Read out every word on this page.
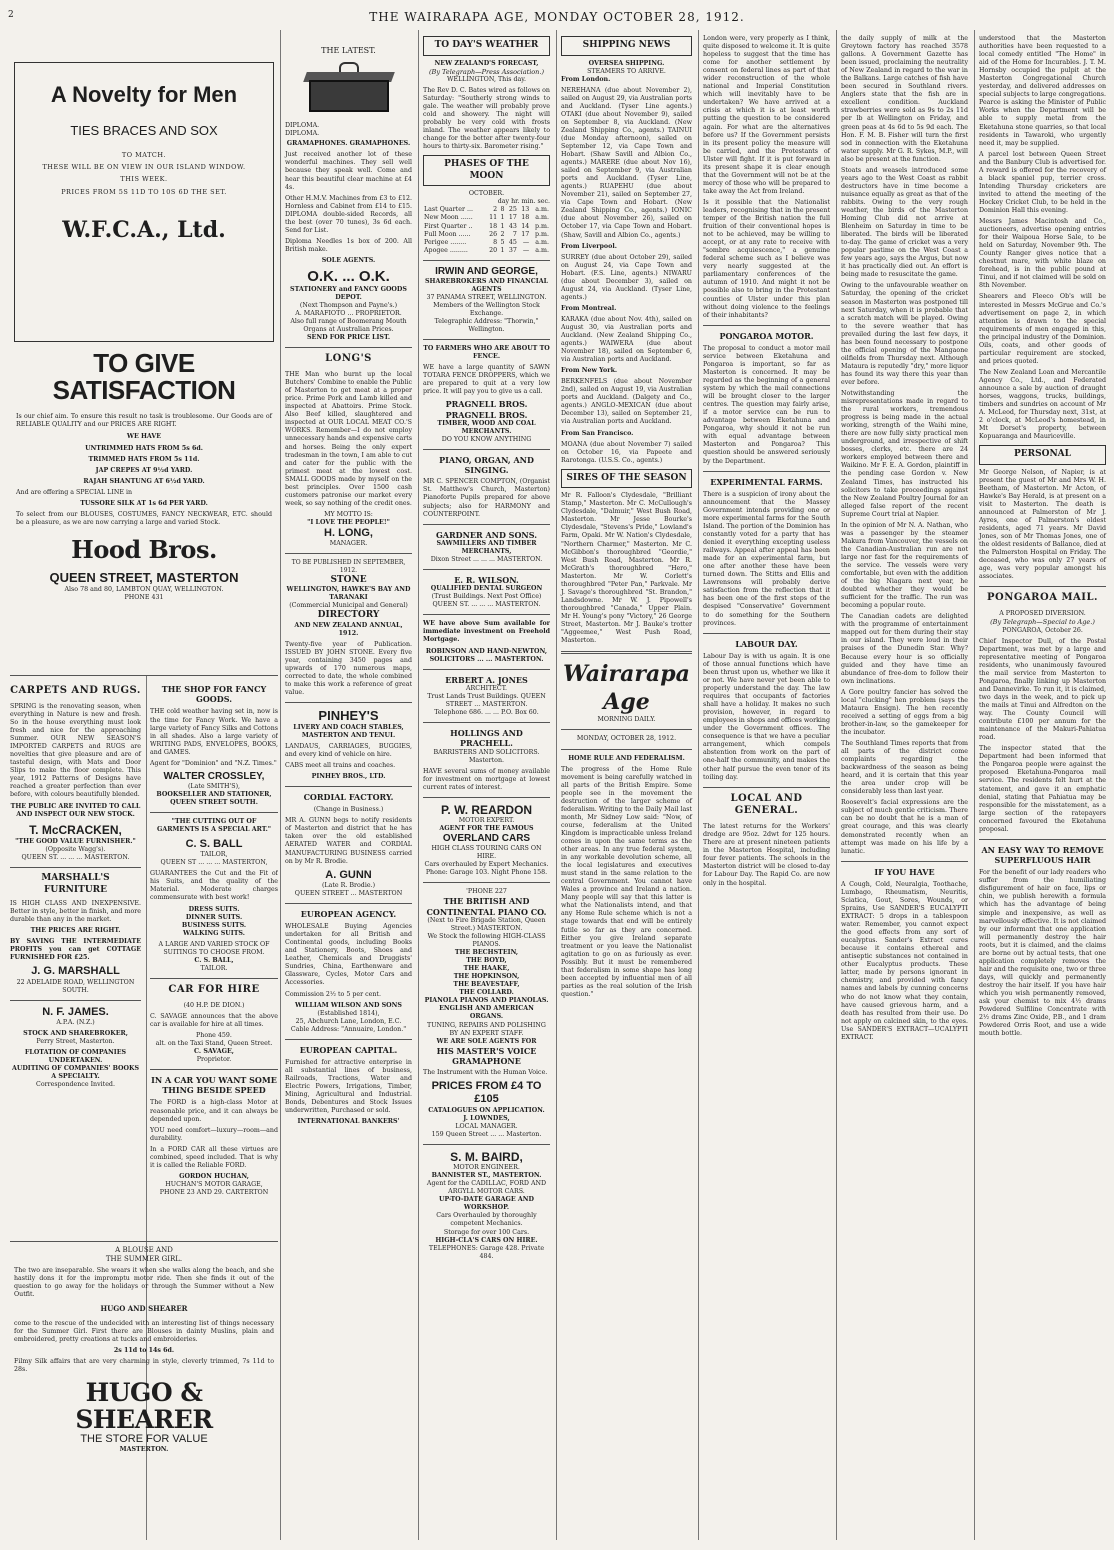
2	THE WAIRARAPA AGE, MONDAY OCTOBER 28, 1912.
A Novelty for Men
TIES BRACES AND SOX
TO MATCH.
THESE WILL BE ON VIEW IN OUR ISLAND WINDOW.
THIS WEEK.
PRICES FROM 5S 11D TO 10S 6D THE SET.
W.F.C.A., Ltd.
TO GIVE SATISFACTION
Is our chief aim. To ensure this result no task is troublesome. Our Goods are of RELIABLE QUALITY and our PRICES ARE RIGHT.
WE HAVE
UNTRIMMED HATS FROM 5s 6d.
TRIMMED HATS FROM 5s 11d.
JAP CREPES AT 9½d YARD.
RAJAH SHANTUNG AT 6½d YARD.
And are offering a SPECIAL LINE in
TUSSORE SILK AT 1s 6d PER YARD.
To select from our BLOUSES, COSTUMES, FANCY NECKWEAR, ETC. should be a pleasure, as we are now carrying a large and varied Stock.
Hood Bros.
QUEEN STREET, MASTERTON
Also 78 and 80, LAMBTON QUAY, WELLINGTON.
PHONE 431
CARPETS AND RUGS.
SPRING is the renovating season, when everything in Nature is new and fresh. So in the house everything must look fresh and nice for the approaching Summer. OUR NEW SEASON'S IMPORTED CARPETS and RUGS are novelties that give pleasure and are of tasteful design, with Mats and Door Slips to make the floor complete. This year, 1912 Patterns of Designs have reached a greater perfection than ever before, with colours beautifully blended.
THE PUBLIC ARE INVITED TO CALL AND INSPECT OUR NEW STOCK.
T. McCRACKEN,
"THE GOOD VALUE FURNISHER."
(Opposite Wagg's).
QUEEN ST. ... ... ... MASTERTON.
MARSHALL'S FURNITURE
IS HIGH CLASS AND INEXPENSIVE. Better in style, better in finish, and more durable than any in the market.
THE PRICES ARE RIGHT.
BY SAVING THE INTERMEDIATE PROFITS you can get COTTAGE FURNISHED FOR £25.
J. G. MARSHALL
22 ADELAIDE ROAD, WELLINGTON SOUTH.
N. F. JAMES.
A.P.A. (N.Z.)
STOCK AND SHAREBROKER,
Perry Street, Masterton.
FLOTATION OF COMPANIES UNDERTAKEN.
AUDITING OF COMPANIES' BOOKS A SPECIALTY.
Correspondence Invited.
THE SHOP FOR FANCY GOODS.
THE cold weather having set in, now is the time for Fancy Work. We have a large variety of Fancy Silks and Cottons in all shades. Also a large variety of WRITING PADS, ENVELOPES, BOOKS, and GAMES.
Agent for "Dominion" and "N.Z. Times."
WALTER CROSSLEY,
(Late SMITH'S),
BOOKSELLER AND STATIONER, QUEEN STREET SOUTH.
"THE CUTTING OUT OF GARMENTS IS A SPECIAL ART."
C. S. BALL
TAILOR,
QUEEN ST ... ... ... MASTERTON,
GUARANTEES the Cut and the Fit of his Suits, and the quality of the Material. Moderate charges commensurate with best work!
DRESS SUITS.
DINNER SUITS.
BUSINESS SUITS.
WALKING SUITS.
A LARGE AND VARIED STOCK OF SUITINGS TO CHOOSE FROM.
C. S. BALL,
TAILOR.
CAR FOR HIRE
(40 H.P. DE DION.)
C. SAVAGE announces that the above car is available for hire at all times.
Phone 459.
alt. on the Taxi Stand, Queen Street.
C. SAVAGE,
Proprietor.
IN A CAR YOU WANT SOME THING BESIDE SPEED
The FORD is a high-class Motor at reasonable price, and it can always be depended upon.
YOU need comfort—luxury—room—and durability.
In a FORD CAR all these virtues are combined, speed included. That is why it is called the Reliable FORD.
GORDON HUCHAN,
HUCHAN'S MOTOR GARAGE,
PHONE 23 AND 29. CARTERTON
A BLOUSE AND
THE SUMMER GIRL.
The two are inseparable. She wears it when she walks along the beach, and she hastily dons it for the impromptu motor ride. Then she finds it out of the question to go away for the holidays or through the Summer without a New Outfit.
HUGO AND SHEARER
come to the rescue of the undecided with an interesting list of things necessary for the Summer Girl. First there are Blouses in dainty Muslins, plain and embroidered, pretty creations at tucks and embroideries.
2s 11d to 14s 6d.
Filmy Silk affairs that are very charming in style, cleverly trimmed, 7s 11d to 28s.
HUGO & SHEARER
THE STORE FOR VALUE
MASTERTON.
THE LATEST.
DIPLOMA.
DIPLOMA.
GRAMAPHONES. GRAMAPHONES.
Just received another lot of these wonderful machines. They sell well because they speak well. Come and hear this beautiful clear machine at £4 4s.
Other H.M.V. Machines from £3 to £12. Hornless and Cabinet from £14 to £15. DIPLOMA double-sided Records, all the best (over 70 tunes), 3s 6d each. Send for List.
Diploma Needles 1s box of 200. All British make.
SOLE AGENTS.
O.K. ... O.K.
STATIONERY and FANCY GOODS DEPOT.
(Next Thompson and Payne's.)
A. MARAFIOTO ... PROPRIETOR.
Also full range of Boomerang Mouth Organs at Australian Prices.
SEND FOR PRICE LIST.
LONG'S
THE Man who burnt up the local Butchers' Combine to enable the Public of Masterton to get meat at a proper price. Prime Pork and Lamb killed and inspected at Abattoirs. Prime Stock. Also Beef killed, slaughtered and inspected at OUR LOCAL MEAT CO.'S WORKS. Remember—I do not employ unnecessary hands and expensive carts and horses. Being the only expert tradesman in the town, I am able to cut and cater for the public with the primest meat at the lowest cost. SMALL GOODS made by myself on the best principles. Over 1500 cash customers patronise our market every week, so say nothing of the credit ones.
MY MOTTO IS:
"I LOVE THE PEOPLE!"
H. LONG,
MANAGER.
TO BE PUBLISHED IN SEPTEMBER, 1912.
STONE
WELLINGTON, HAWKE'S BAY AND TARANAKI
(Commercial Municipal and General)
DIRECTORY
AND NEW ZEALAND ANNUAL, 1912.
Twenty-five year of Publication. ISSUED BY JOHN STONE. Every five year, containing 3450 pages and upwards of 170 numerous maps, corrected to date, the whole combined to make this work a reference of great value.
PINHEY'S
LIVERY AND COACH STABLES, MASTERTON AND TENUI.
LANDAUS, CARRIAGES, BUGGIES, and every kind of vehicle on hire.
CABS meet all trains and coaches.
PINHEY BROS., LTD.
CORDIAL FACTORY.
(Change in Business.)
MR A. GUNN begs to notify residents of Masterton and district that he has taken over the old established AERATED WATER and CORDIAL MANUFACTURING BUSINESS carried on by Mr R. Brodie.
A. GUNN
(Late R. Brodie.)
QUEEN STREET ... MASTERTON
EUROPEAN AGENCY.
WHOLESALE Buying Agencies undertaken for all British and Continental goods, including Books and Stationery, Boots, Shoes and Leather, Chemicals and Druggists' Sundries, China, Earthenware and Glassware, Cycles, Motor Cars and Accessories.
Commission 2½ to 5 per cent.
WILLIAM WILSON AND SONS
(Established 1814),
25, Abchurch Lane, London, E.C.
Cable Address: "Annuaire, London."
EUROPEAN CAPITAL.
Furnished for attractive enterprise in all substantial lines of business, Railroads, Tractions, Water and Electric Powers, Irrigations, Timber, Mining, Agricultural and Industrial. Bonds, Debentures and Stock Issues underwritten, Purchased or sold.
INTERNATIONAL BANKERS'
TO DAY'S WEATHER
NEW ZEALAND'S FORECAST,
(By Telegraph—Press Association.)
WELLINGTON, This day.
The Rev D. C. Bates wired as follows on Saturday: "Southerly strong winds to gale. The weather will probably prove cold and showery. The night will probably be very cold with frosts inland. The weather appears likely to change for the better after twenty-four hours to thirty-six. Barometer rising."
PHASES OF THE MOON
OCTOBER.
day hr. min. sec.
Last Quarter ...	2	8	25	13	a.m.
New Moon ......	11	1	17	18	a.m.
First Quarter ..	18	1	43	14	p.m.
Full Moon ......	26	2	7	17	p.m.
Perigee ........	8	5	45	—	a.m.
Apogee .........	20	1	37	—	a.m.
IRWIN AND GEORGE,
SHAREBROKERS AND FINANCIAL AGENTS
37 PANAMA STREET, WELLINGTON.
Members of the Wellington Stock Exchange.
Telegraphic Address: "Thorwin," Wellington.
TO FARMERS WHO ARE ABOUT TO FENCE.
WE have a large quantity of SAWN TOTARA FENCE DROPPERS, which we are prepared to quit at a very low price. It will pay you to give us a call.
PRAGNELL BROS. PRAGNELL BROS.
TIMBER, WOOD AND COAL MERCHANTS.
DO YOU KNOW ANYTHING
PIANO, ORGAN, AND SINGING.
MR C. SPENCER COMPTON, (Organist St. Matthew's Church, Masterton) Pianoforte Pupils prepared for above subjects; also for HARMONY and COUNTERPOINT.
GARDNER AND SONS.
SAWMILLERS AND TIMBER MERCHANTS,
Dixon Street ... ... ... MASTERTON.
E. R. WILSON.
QUALIFIED DENTAL SURGEON
(Trust Buildings. Next Post Office)
QUEEN ST. ... ... ... MASTERTON.
WE have above Sum available for immediate investment on Freehold Mortgage.
ROBINSON AND HAND-NEWTON, SOLICITORS ... ... MASTERTON.
ERBERT A. JONES
ARCHITECT.
Trust Lands Trust Buildings. QUEEN STREET ... MASTERTON.
Telephone 686. ... ... P.O. Box 60.
HOLLINGS AND PRACHELL.
BARRISTERS AND SOLICITORS. Masterton.
HAVE several sums of money available for investment on mortgage at lowest current rates of interest.
P. W. REARDON
MOTOR EXPERT.
AGENT FOR THE FAMOUS
OVERLAND CARS
HIGH CLASS TOURING CARS ON HIRE.
Cars overhauled by Expert Mechanics.
Phone: Garage 103. Night Phone 158.
'PHONE 227
THE BRITISH AND CONTINENTAL PIANO CO.
(Next to Fire Brigade Station, Queen Street.) MASTERTON.
We Stock the following HIGH-CLASS PIANOS.
THE BECHSTEIN,
THE BOYD,
THE HAAKE,
THE HOPKINSON,
THE BEAVESTAFF,
THE COLLARD.
PIANOLA PIANOS AND PIANOLAS.
ENGLISH AND AMERICAN ORGANS.
TUNING, REPAIRS AND POLISHING BY AN EXPERT STAFF.
WE ARE SOLE AGENTS FOR
HIS MASTER'S VOICE
GRAMAPHONE
The Instrument with the Human Voice.
PRICES FROM £4 TO £105
CATALOGUES ON APPLICATION.
J. LOWNDES,
LOCAL MANAGER.
159 Queen Street ... ... Masterton.
S. M. BAIRD,
MOTOR ENGINEER.
BANNISTER ST., MASTERTON.
Agent for the CADILLAC, FORD AND ARGYLL MOTOR CARS.
UP-TO-DATE GARAGE AND WORKSHOP.
Cars Overhauled by thoroughly competent Mechanics.
Storage for over 100 Cars.
HIGH-CLA'S CARS ON HIRE.
TELEPHONES: Garage 428. Private 484.
SHIPPING NEWS
OVERSEA SHIPPING.
STEAMERS TO ARRIVE.
From London.
NEREHANA (due about November 2), sailed on August 29, via Australian ports and Auckland. (Tyser Line agents.) OTAKI (due about November 9), sailed on September 8, via Auckland. (New Zealand Shipping Co., agents.) TAINUI (due Monday afternoon), sailed on September 12, via Cape Town and Hobart. (Shaw Savill and Albion Co., agents.) MARERE (due about Nov 16), sailed on September 9, via Australian ports and Auckland. (Tyser Line, agents.) RUAPEHU (due about November 21), sailed on September 27, via Cape Town and Hobart. (New Zealand Shipping Co., agents.) IONIC (due about November 26), sailed on October 17, via Cape Town and Hobart. (Shaw, Savill and Albion Co., agents.)
From Liverpool.
SURREY (due about October 29), sailed on August 24, via Cape Town and Hobart. (F.S. Line, agents.) NIWARU (due about December 3), sailed on August 24, via Auckland. (Tyser Line, agents.)
From Montreal.
KARAKA (due about Nov. 4th), sailed on August 30, via Australian ports and Auckland. (New Zealand Shipping Co., agents.) WAIWERA (due about November 18), sailed on September 6, via Australian ports and Auckland.
From New York.
BERKENFELS (due about November 2nd), sailed on August 19, via Australian ports and Auckland. (Dalgety and Co., agents.) ANGLO-MEXICAN (due about December 13), sailed on September 21, via Australian ports and Auckland.
From San Francisco.
MOANA (due about November 7) sailed on October 16, via Papeete and Rarotonga. (U.S.S. Co., agents.)
SIRES OF THE SEASON
Mr R. Falloon's Clydesdale, "Brilliant Stamp," Masterton. Mr C. McCullough's Clydesdale, "Dalmuir," West Bush Road, Masterton. Mr Jesse Bourke's Clydesdale, "Stevens's Pride," Lowland's Farm, Opaki. Mr W. Nation's Clydesdale, "Northern Charmer," Masterton. Mr C. McGibbon's thoroughbred "Geordie," West Bush Road, Masterton. Mr R. McGrath's thoroughbred "Hero," Masterton. Mr W. Corlett's thoroughbred "Peter Pan," Parkvale. Mr J. Savage's thoroughbred "St. Brandon," Landsdowne. Mr W. J. Pipowell's thoroughbred "Canada," Upper Plain. Mr H. Young's pony "Victory," 26 George Street, Masterton. Mr J. Bauke's trotter "Aggeemee," West Push Road, Masterton.
Wairarapa Age
MORNING DAILY.
MONDAY, OCTOBER 28, 1912.
HOME RULE AND FEDERALISM.
The progress of the Home Rule movement is being carefully watched in all parts of the British Empire. Some people see in the movement the destruction of the larger scheme of federalism. Writing to the Daily Mail last month, Mr Sidney Low said: "Now, of course, federalism at the United Kingdom is impracticable unless Ireland comes in upon the same terms as the other areas. In any true federal system, in any workable devolution scheme, all the local legislatures and executives must stand in the same relation to the central Government. You cannot have Wales a province and Ireland a nation. Many people will say that this latter is what the Nationalists intend, and that any Home Rule scheme which is not a stage towards that end will be entirely futile so far as they are concerned. Either you give Ireland separate treatment or you leave the Nationalist agitation to go on as furiously as ever. Possibly. But it must be remembered that federalism in some shape has long been accepted by influential men of all parties as the real solution of the Irish question."
London were, very properly as I think, quite disposed to welcome it. It is quite hopeless to suggest that the time has come for another settlement by consent on federal lines as part of that wider reconstruction of the whole national and Imperial Constitution which will inevitably have to be undertaken? We have arrived at a crisis at which it is at least worth putting the question to be considered again. For what are the alternatives before us? If the Government persists in its present policy the measure will be carried, and the Protestants of Ulster will fight. If it is put forward in its present shape it is clear enough that the Government will not be at the mercy of those who will be prepared to take away the Act from Ireland.
Is it possible that the Nationalist leaders, recognising that in the present temper of the British nation the full fruition of their conventional hopes is not to be achieved, may be willing to accept, or at any rate to receive with "sombre acquiescence," a genuine federal scheme such as I believe was very nearly suggested at the parliamentary conferences of the autumn of 1910. And might it not be possible also to bring in the Protestant counties of Ulster under this plan without doing violence to the feelings of their inhabitants?
PONGAROA MOTOR.
The proposal to conduct a motor mail service between Eketahuna and Pongaroa is important, so far as Masterton is concerned. It may be regarded as the beginning of a general system by which the mail connections will be brought closer to the larger centres. The question may fairly arise, if a motor service can be run to advantage between Eketahuna and Pongaroa, why should it not be run with equal advantage between Masterton and Pongaroa? This question should be answered seriously by the Department.
EXPERIMENTAL FARMS.
There is a suspicion of irony about the announcement that the Massey Government intends providing one or more experimental farms for the South Island. The portion of the Dominion has constantly voted for a party that has denied it everything excepting useless railways. Appeal after appeal has been made for an experimental farm, but one after another these have been turned down. The Stitts and Ellis and Lawrensons will probably derive satisfaction from the reflection that it has been one of the first steps of the despised "Conservative" Government to do something for the Southern provinces.
LABOUR DAY.
Labour Day is with us again. It is one of those annual functions which have been thrust upon us, whether we like it or not. We have never yet been able to properly understand the day. The law requires that occupants of factories shall have a holiday. It makes no such provision, however, in regard to employees in shops and offices working under the Government offices. The consequence is that we have a peculiar arrangement, which compels abstention from work on the part of one-half the community, and makes the other half pursue the even tenor of its toiling day.
LOCAL AND GENERAL.
The latest returns for the Workers' dredge are 95oz. 2dwt for 125 hours. There are at present nineteen patients in the Masterton Hospital, including four fever patients. The schools in the Masterton district will be closed to-day for Labour Day. The Rapid Co. are now only in the hospital.
the daily supply of milk at the Greytown factory has reached 3578 gallons. A Government Gazette has been issued, proclaiming the neutrality of New Zealand in regard to the war in the Balkans. Large catches of fish have been secured in Southland rivers. Anglers state that the fish are in excellent condition. Auckland strawberries were sold as 9s to 2s 11d per lb at Wellington on Friday, and green peas at 4s 6d to 5s 9d each. The Hon. F. M. B. Fisher will turn the first sod in connection with the Eketahuna water supply. Mr G. R. Sykes, M.P., will also be present at the function.
Stoats and weasels introduced some years ago to the West Coast as rabbit destructors have in time become a nuisance equally as great as that of the rabbits. Owing to the very rough weather, the birds of the Masterton Homing Club did not arrive at Blenheim on Saturday in time to be liberated. The birds will be liberated to-day. The game of cricket was a very popular pastime on the West Coast a few years ago, says the Argus, but now it has practically died out. An effort is being made to resuscitate the game.
Owing to the unfavourable weather on Saturday, the opening of the cricket season in Masterton was postponed till next Saturday, when it is probable that a scratch match will be played. Owing to the severe weather that has prevailed during the last few days, it has been found necessary to postpone the official opening of the Mangaone oilfields from Thursday next. Although Mataura is reputedly "dry," more liquor has found its way there this year than ever before.
Notwithstanding the misrepresentations made in regard to the rural workers, tremendous progress is being made in the actual working, strength of the Waihi mine, there are now fully sixty practical men underground, and irrespective of shift bosses, clerks, etc. there are 24 workers employed between there and Waikino. Mr F. E. A. Gordon, plaintiff in the pending case Gordon v. New Zealand Times, has instructed his solicitors to take proceedings against the New Zealand Poultry Journal for an alleged false report of the recent Supreme Court trial at Napier.
In the opinion of Mr N. A. Nathan, who was a passenger by the steamer Makura from Vancouver, the vessels on the Canadian-Australian run are not large nor fast for the requirements of the service. The vessels were very comfortable, but even with the addition of the big Niagara next year, he doubted whether they would be sufficient for the traffic. The run was becoming a popular route.
The Canadian cadets are delighted with the programme of entertainment mapped out for them during their stay in our island. They were loud in their praises of the Dunedin Star. Why? Because every hour is so officially guided and they have time an abundance of free-dom to follow their own inclinations.
A Gore poultry fancier has solved the local "clucking" hen problem (says the Mataura Ensign). The hen recently received a setting of eggs from a big brother-in-law, so the gamekeeper for the incubator.
The Southland Times reports that from all parts of the district come complaints regarding the backwardness of the season as being heard, and it is certain that this year the area under crop will be considerably less than last year.
Roosevelt's facial expressions are the subject of much gentle criticism. There can be no doubt that he is a man of great courage, and this was clearly demonstrated recently when an attempt was made on his life by a lunatic.
IF YOU HAVE
A Cough, Cold, Neuralgia, Toothache, Lumbago, Rheumatism, Neuritis, Sciatica, Gout, Sores, Wounds, or Sprains, Use SANDER'S EUCALYPTI EXTRACT: 5 drops in a tablespoon water. Remember, you cannot expect the good effects from any sort of eucalyptus. Sander's Extract cures because it contains ethereal and antiseptic substances not contained in other Eucalyptus products. These latter, made by persons ignorant in chemistry, and provided with fancy names and labels by cunning concerns who do not know what they contain, have caused grievous harm, and a death has resulted from their use. Do not apply on calcined skin, to the eyes. Use SANDER'S EXTRACT—UCALYPTI EXTRACT.
understood that the Masterton authorities have been requested to a local comedy entitled "The Home" in aid of the Home for Incurables. J. T. M. Hornsby occupied the pulpit at the Masterton Congregational Church yesterday, and delivered addresses on special subjects to large congregations. Pearce is asking the Minister of Public Works when the Department will be able to supply metal from the Eketahuna stone quarries, so that local residents in Tawaroki, who urgently need it, may be supplied.
A parcel lost between Queen Street and the Banbury Club is advertised for. A reward is offered for the recovery of a black spaniel pup, terrier cross. Intending Thursday cricketers are invited to attend the meeting of the Hockey Cricket Club, to be held in the Dominion Hall this evening.
Messrs James Macintosh and Co., auctioneers, advertise opening entries for their Waipoua Horse Sale, to be held on Saturday, November 9th. The County Ranger gives notice that a chestnut mare, with white blaze on forehead, is in the public pound at Tinui, and if not claimed will be sold on 8th November.
Shearers and Fleeco Ob's will be interested in Messrs McGrue and Co.'s advertisement on page 2, in which attention is drawn to the special requirements of men engaged in this, the principal industry of the Dominion. Oils, coats, and other goods of particular requirement are stocked, and prices quoted.
The New Zealand Loan and Mercantile Agency Co., Ltd., and Federated announce a sale by auction of draught horses, waggons, trucks, buildings, timbers and sundries on account of Mr A. McLeod, for Thursday next, 31st, at 2 o'clock, at McLeod's homestead, in Mt Dorset's property, between Kopuaranga and Mauriceville.
PERSONAL
Mr George Nelson, of Napier, is at present the guest of Mr and Mrs W. H. Beetham, of Masterton. Mr Acton, of Hawke's Bay Herald, is at present on a visit to Masterton. The death is announced at Palmerston of Mr J. Ayres, one of Palmerston's oldest residents, aged 71 years. Mr David Jones, son of Mr Thomas Jones, one of the oldest residents of Ballance, died at the Palmerston Hospital on Friday. The deceased, who was only 27 years of age, was very popular amongst his associates.
PONGAROA MAIL.
A PROPOSED DIVERSION.
(By Telegraph—Special to Age.)
PONGAROA, October 26.
Chief Inspector Dull, of the Postal Department, was met by a large and representative meeting of Pongaroa residents, who unanimously favoured the mail service from Masterton to Pongaroa, finally linking up Masterton and Dannevirke. To run it, it is claimed, two days in the week, and to pick up the mails at Tinui and Alfredton on the way. The County Council will contribute £100 per annum for the maintenance of the Makuri-Pahiatua road.
The inspector stated that the Department had been informed that the Pongaroa people were against the proposed Eketahuna-Pongaroa mail service. The residents felt hurt at the statement, and gave it an emphatic denial, stating that Pahiatua may be responsible for the misstatement, as a large section of the ratepayers concerned favoured the Eketahuna proposal.
AN EASY WAY TO REMOVE SUPERFLUOUS HAIR
For the benefit of our lady readers who suffer from the humiliating disfigurement of hair on face, lips or chin, we publish herewith a formula which has the advantage of being simple and inexpensive, as well as marvellously effective. It is not claimed by our informant that one application will permanently destroy the hair roots, but it is claimed, and the claims are borne out by actual tests, that one application completely removes the hair and the requisite one, two or three days, will quickly and permanently destroy the hair itself. If you have hair which you wish permanently removed, ask your chemist to mix 4½ drams Powdered Sulfiline Concentrate with 2½ drams Zinc Oxide, P.B., and 1 dram Powdered Orris Root, and use a wide mouth bottle.
